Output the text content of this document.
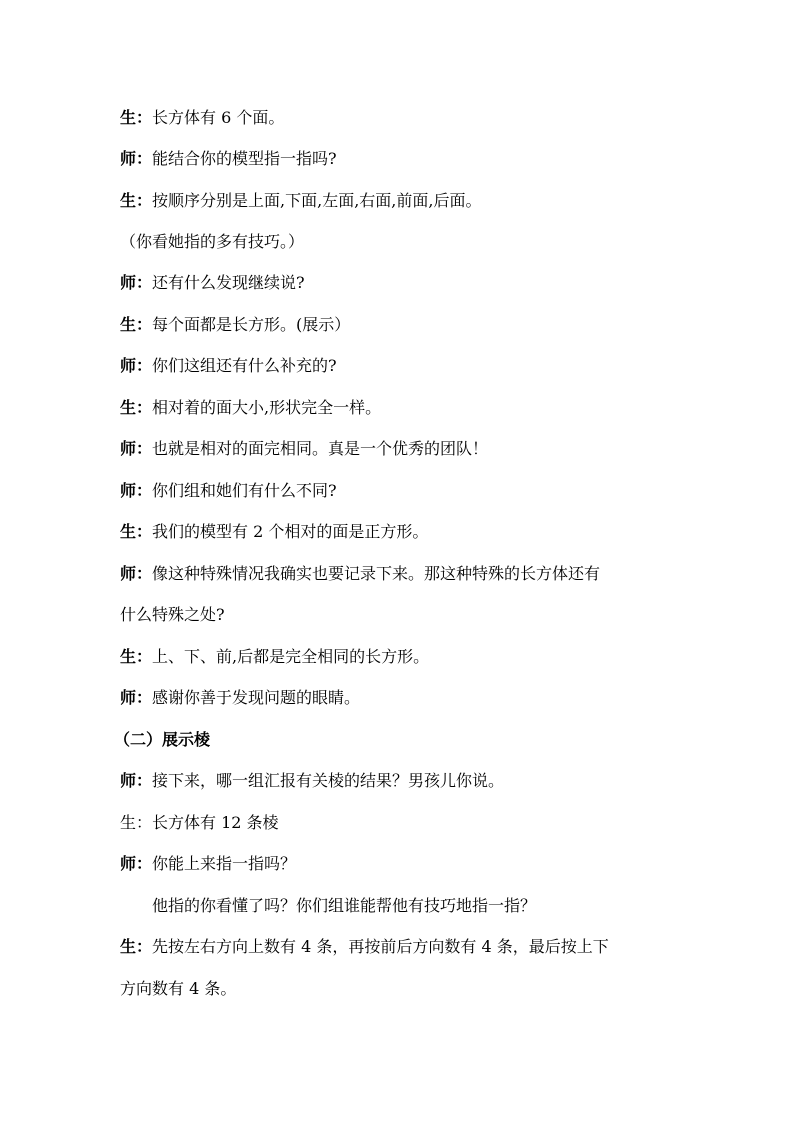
生：长方体有 6 个面。

师：能结合你的模型指一指吗?

生：按顺序分别是上面,下面,左面,右面,前面,后面。

（你看她指的多有技巧。）

师：还有什么发现继续说?

生：每个面都是长方形。(展示）

师：你们这组还有什么补充的?

生：相对着的面大小,形状完全一样。

师：也就是相对的面完相同。真是一个优秀的团队！

师：你们组和她们有什么不同?

生：我们的模型有 2 个相对的面是正方形。

师：像这种特殊情况我确实也要记录下来。那这种特殊的长方体还有

什么特殊之处?

生：上、下、前,后都是完全相同的长方形。

师：感谢你善于发现问题的眼睛。

（二）展示棱

师：接下来，哪一组汇报有关棱的结果？男孩儿你说。

生：长方体有 12 条棱

师：你能上来指一指吗？

他指的你看懂了吗？你们组谁能帮他有技巧地指一指？

生：先按左右方向上数有 4 条，再按前后方向数有 4 条，最后按上下

方向数有 4 条。
